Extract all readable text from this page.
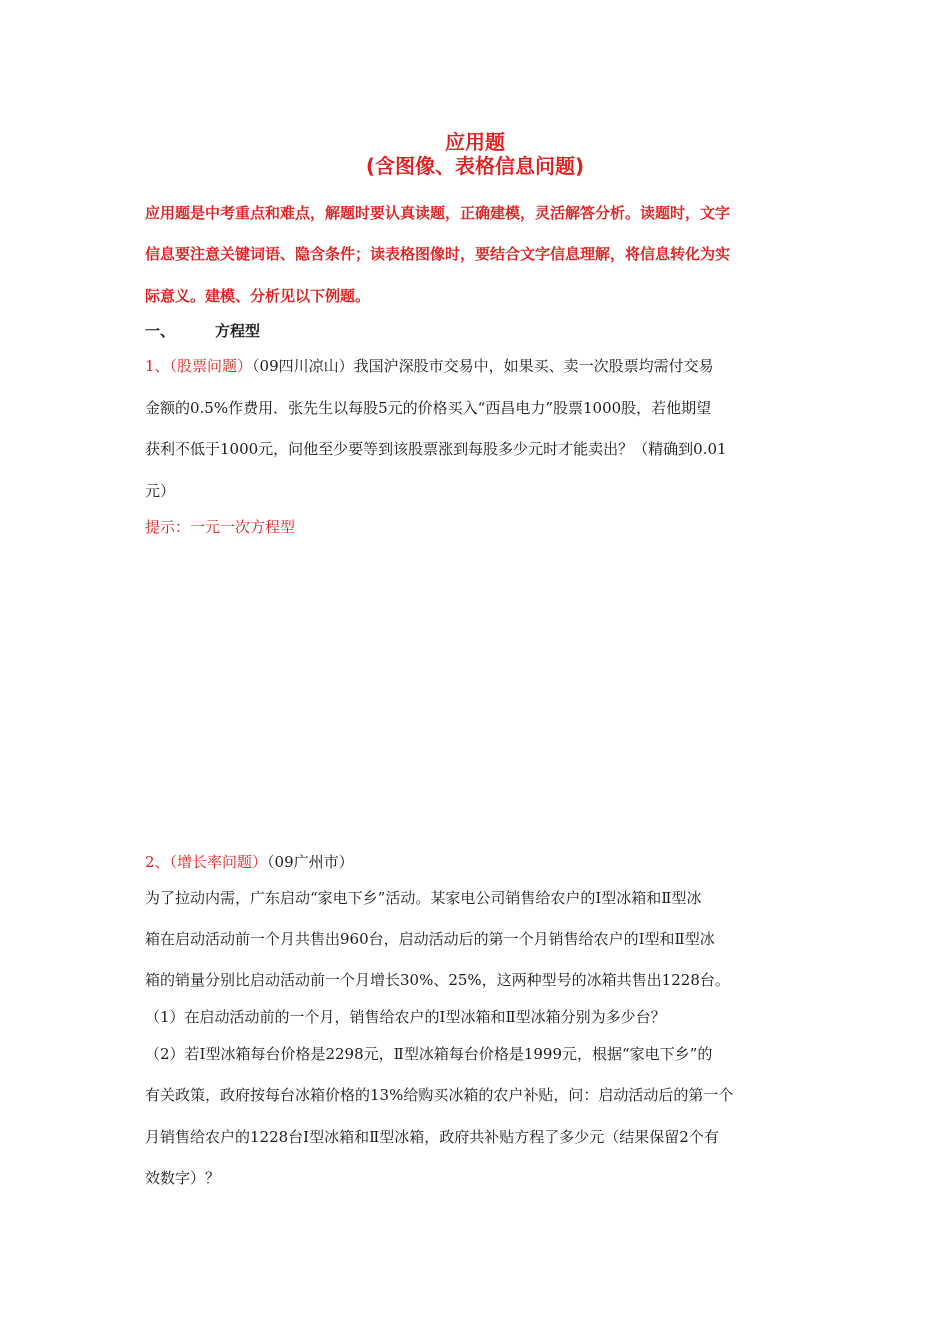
应用题
(含图像、表格信息问题)
应用题是中考重点和难点，解题时要认真读题，正确建模，灵活解答分析。读题时，文字
信息要注意关键词语、隐含条件；读表格图像时，要结合文字信息理解，将信息转化为实
际意义。建模、分析见以下例题。
一、	方程型
1、（股票问题）（09四川凉山）我国沪深股市交易中，如果买、卖一次股票均需付交易
金额的0.5%作费用．张先生以每股5元的价格买入“西昌电力”股票1000股，若他期望
获利不低于1000元，问他至少要等到该股票涨到每股多少元时才能卖出？（精确到0.01
元）
提示：一元一次方程型
2、（增长率问题）（09广州市）
为了拉动内需，广东启动“家电下乡”活动。某家电公司销售给农户的Ⅰ型冰箱和Ⅱ型冰
箱在启动活动前一个月共售出960台，启动活动后的第一个月销售给农户的Ⅰ型和Ⅱ型冰
箱的销量分别比启动活动前一个月增长30%、25%，这两种型号的冰箱共售出1228台。
（1）在启动活动前的一个月，销售给农户的Ⅰ型冰箱和Ⅱ型冰箱分别为多少台？
（2）若Ⅰ型冰箱每台价格是2298元，Ⅱ型冰箱每台价格是1999元，根据“家电下乡”的
有关政策，政府按每台冰箱价格的13%给购买冰箱的农户补贴，问：启动活动后的第一个
月销售给农户的1228台Ⅰ型冰箱和Ⅱ型冰箱，政府共补贴方程了多少元（结果保留2个有
效数字）？
